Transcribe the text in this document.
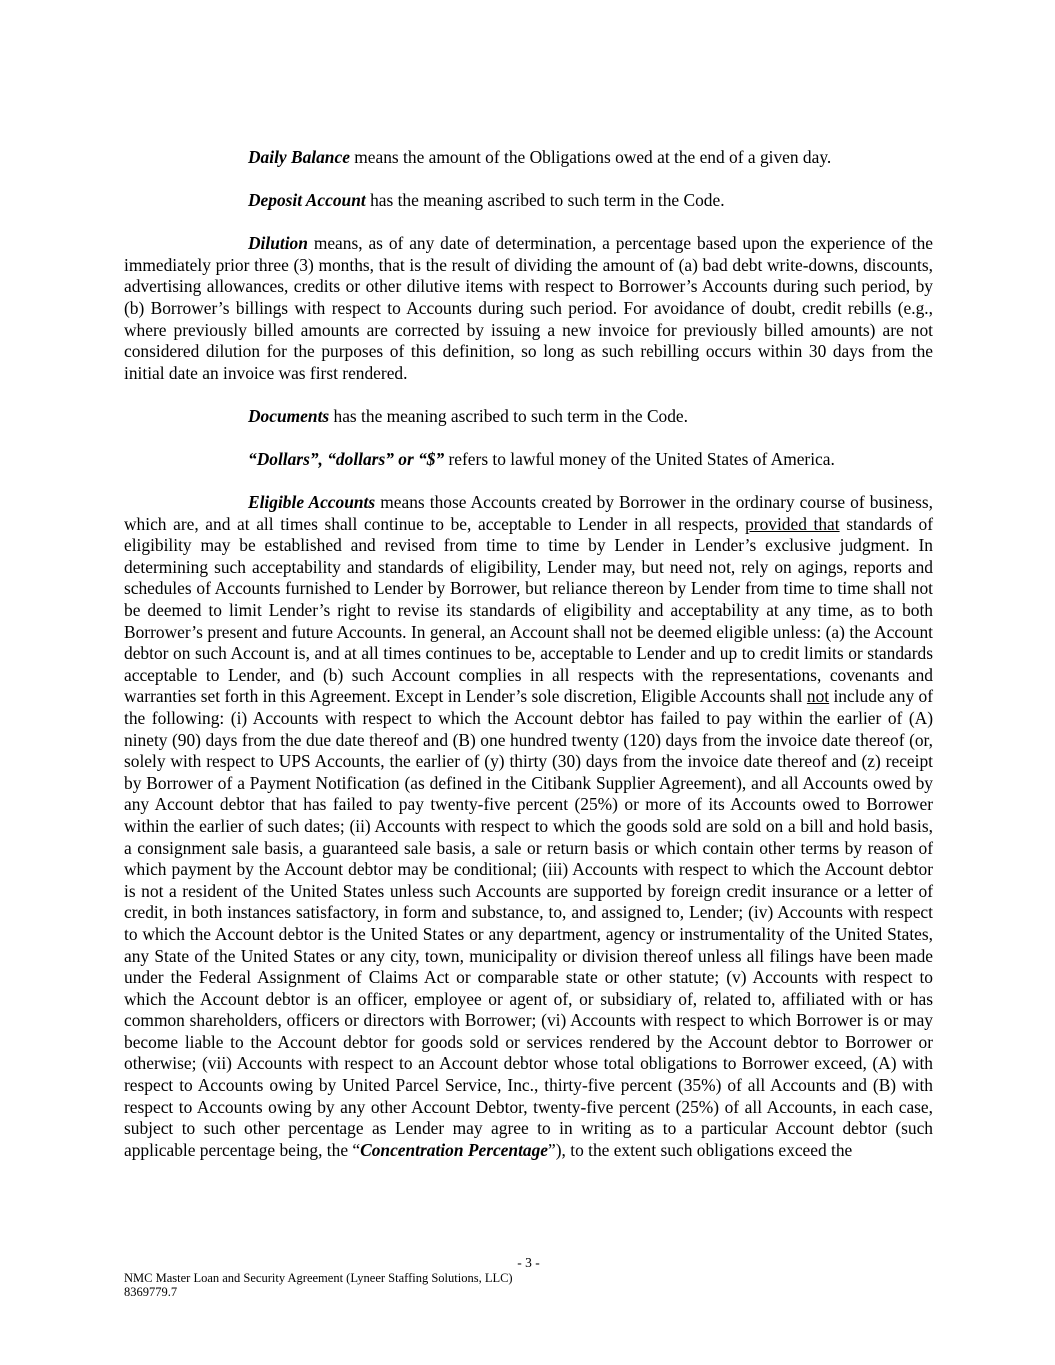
Daily Balance means the amount of the Obligations owed at the end of a given day.

Deposit Account has the meaning ascribed to such term in the Code.

Dilution means, as of any date of determination, a percentage based upon the experience of the immediately prior three (3) months, that is the result of dividing the amount of (a) bad debt write-downs, discounts, advertising allowances, credits or other dilutive items with respect to Borrower’s Accounts during such period, by (b) Borrower’s billings with respect to Accounts during such period. For avoidance of doubt, credit rebills (e.g., where previously billed amounts are corrected by issuing a new invoice for previously billed amounts) are not considered dilution for the purposes of this definition, so long as such rebilling occurs within 30 days from the initial date an invoice was first rendered.

Documents has the meaning ascribed to such term in the Code.

“Dollars”, “dollars” or “$” refers to lawful money of the United States of America.

Eligible Accounts means those Accounts created by Borrower in the ordinary course of business, which are, and at all times shall continue to be, acceptable to Lender in all respects, provided that standards of eligibility may be established and revised from time to time by Lender in Lender’s exclusive judgment. In determining such acceptability and standards of eligibility, Lender may, but need not, rely on agings, reports and schedules of Accounts furnished to Lender by Borrower, but reliance thereon by Lender from time to time shall not be deemed to limit Lender’s right to revise its standards of eligibility and acceptability at any time, as to both Borrower’s present and future Accounts. In general, an Account shall not be deemed eligible unless: (a) the Account debtor on such Account is, and at all times continues to be, acceptable to Lender and up to credit limits or standards acceptable to Lender, and (b) such Account complies in all respects with the representations, covenants and warranties set forth in this Agreement. Except in Lender’s sole discretion, Eligible Accounts shall not include any of the following: (i) Accounts with respect to which the Account debtor has failed to pay within the earlier of (A) ninety (90) days from the due date thereof and (B) one hundred twenty (120) days from the invoice date thereof (or, solely with respect to UPS Accounts, the earlier of (y) thirty (30) days from the invoice date thereof and (z) receipt by Borrower of a Payment Notification (as defined in the Citibank Supplier Agreement), and all Accounts owed by any Account debtor that has failed to pay twenty-five percent (25%) or more of its Accounts owed to Borrower within the earlier of such dates; (ii) Accounts with respect to which the goods sold are sold on a bill and hold basis, a consignment sale basis, a guaranteed sale basis, a sale or return basis or which contain other terms by reason of which payment by the Account debtor may be conditional; (iii) Accounts with respect to which the Account debtor is not a resident of the United States unless such Accounts are supported by foreign credit insurance or a letter of credit, in both instances satisfactory, in form and substance, to, and assigned to, Lender; (iv) Accounts with respect to which the Account debtor is the United States or any department, agency or instrumentality of the United States, any State of the United States or any city, town, municipality or division thereof unless all filings have been made under the Federal Assignment of Claims Act or comparable state or other statute; (v) Accounts with respect to which the Account debtor is an officer, employee or agent of, or subsidiary of, related to, affiliated with or has common shareholders, officers or directors with Borrower; (vi) Accounts with respect to which Borrower is or may become liable to the Account debtor for goods sold or services rendered by the Account debtor to Borrower or otherwise; (vii) Accounts with respect to an Account debtor whose total obligations to Borrower exceed, (A) with respect to Accounts owing by United Parcel Service, Inc., thirty-five percent (35%) of all Accounts and (B) with respect to Accounts owing by any other Account Debtor, twenty-five percent (25%) of all Accounts, in each case, subject to such other percentage as Lender may agree to in writing as to a particular Account debtor (such applicable percentage being, the “Concentration Percentage”), to the extent such obligations exceed the

- 3 -
NMC Master Loan and Security Agreement (Lyneer Staffing Solutions, LLC)
8369779.7
